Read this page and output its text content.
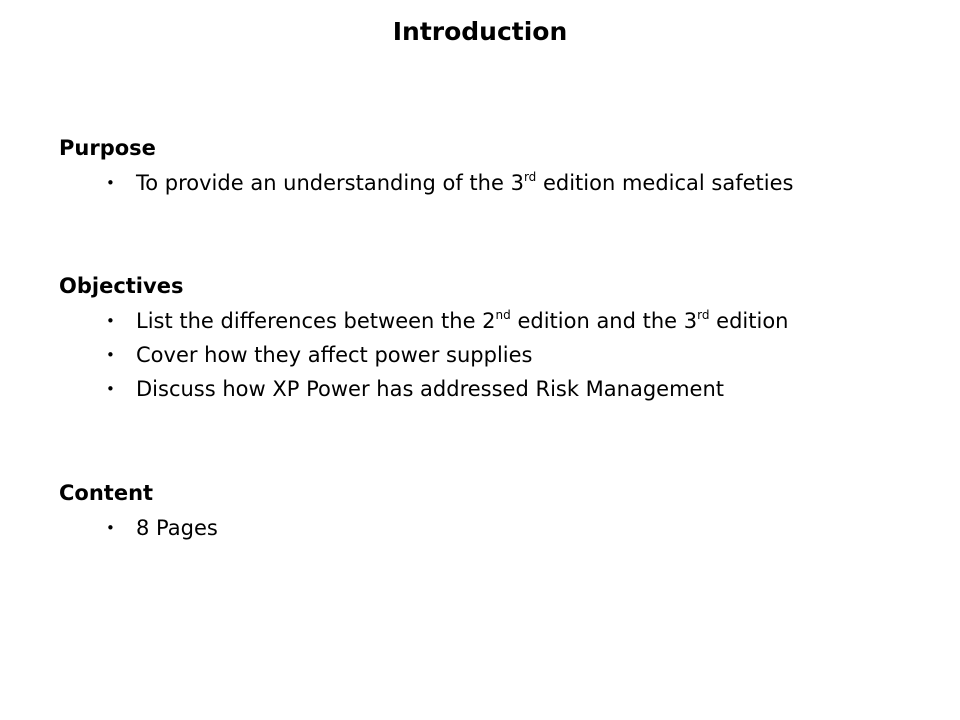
Introduction

Purpose

• To provide an understanding of the 3rd edition medical safeties

Objectives

• List the differences between the 2nd edition and the 3rd edition
• Cover how they affect power supplies
• Discuss how XP Power has addressed Risk Management

Content

• 8 Pages
